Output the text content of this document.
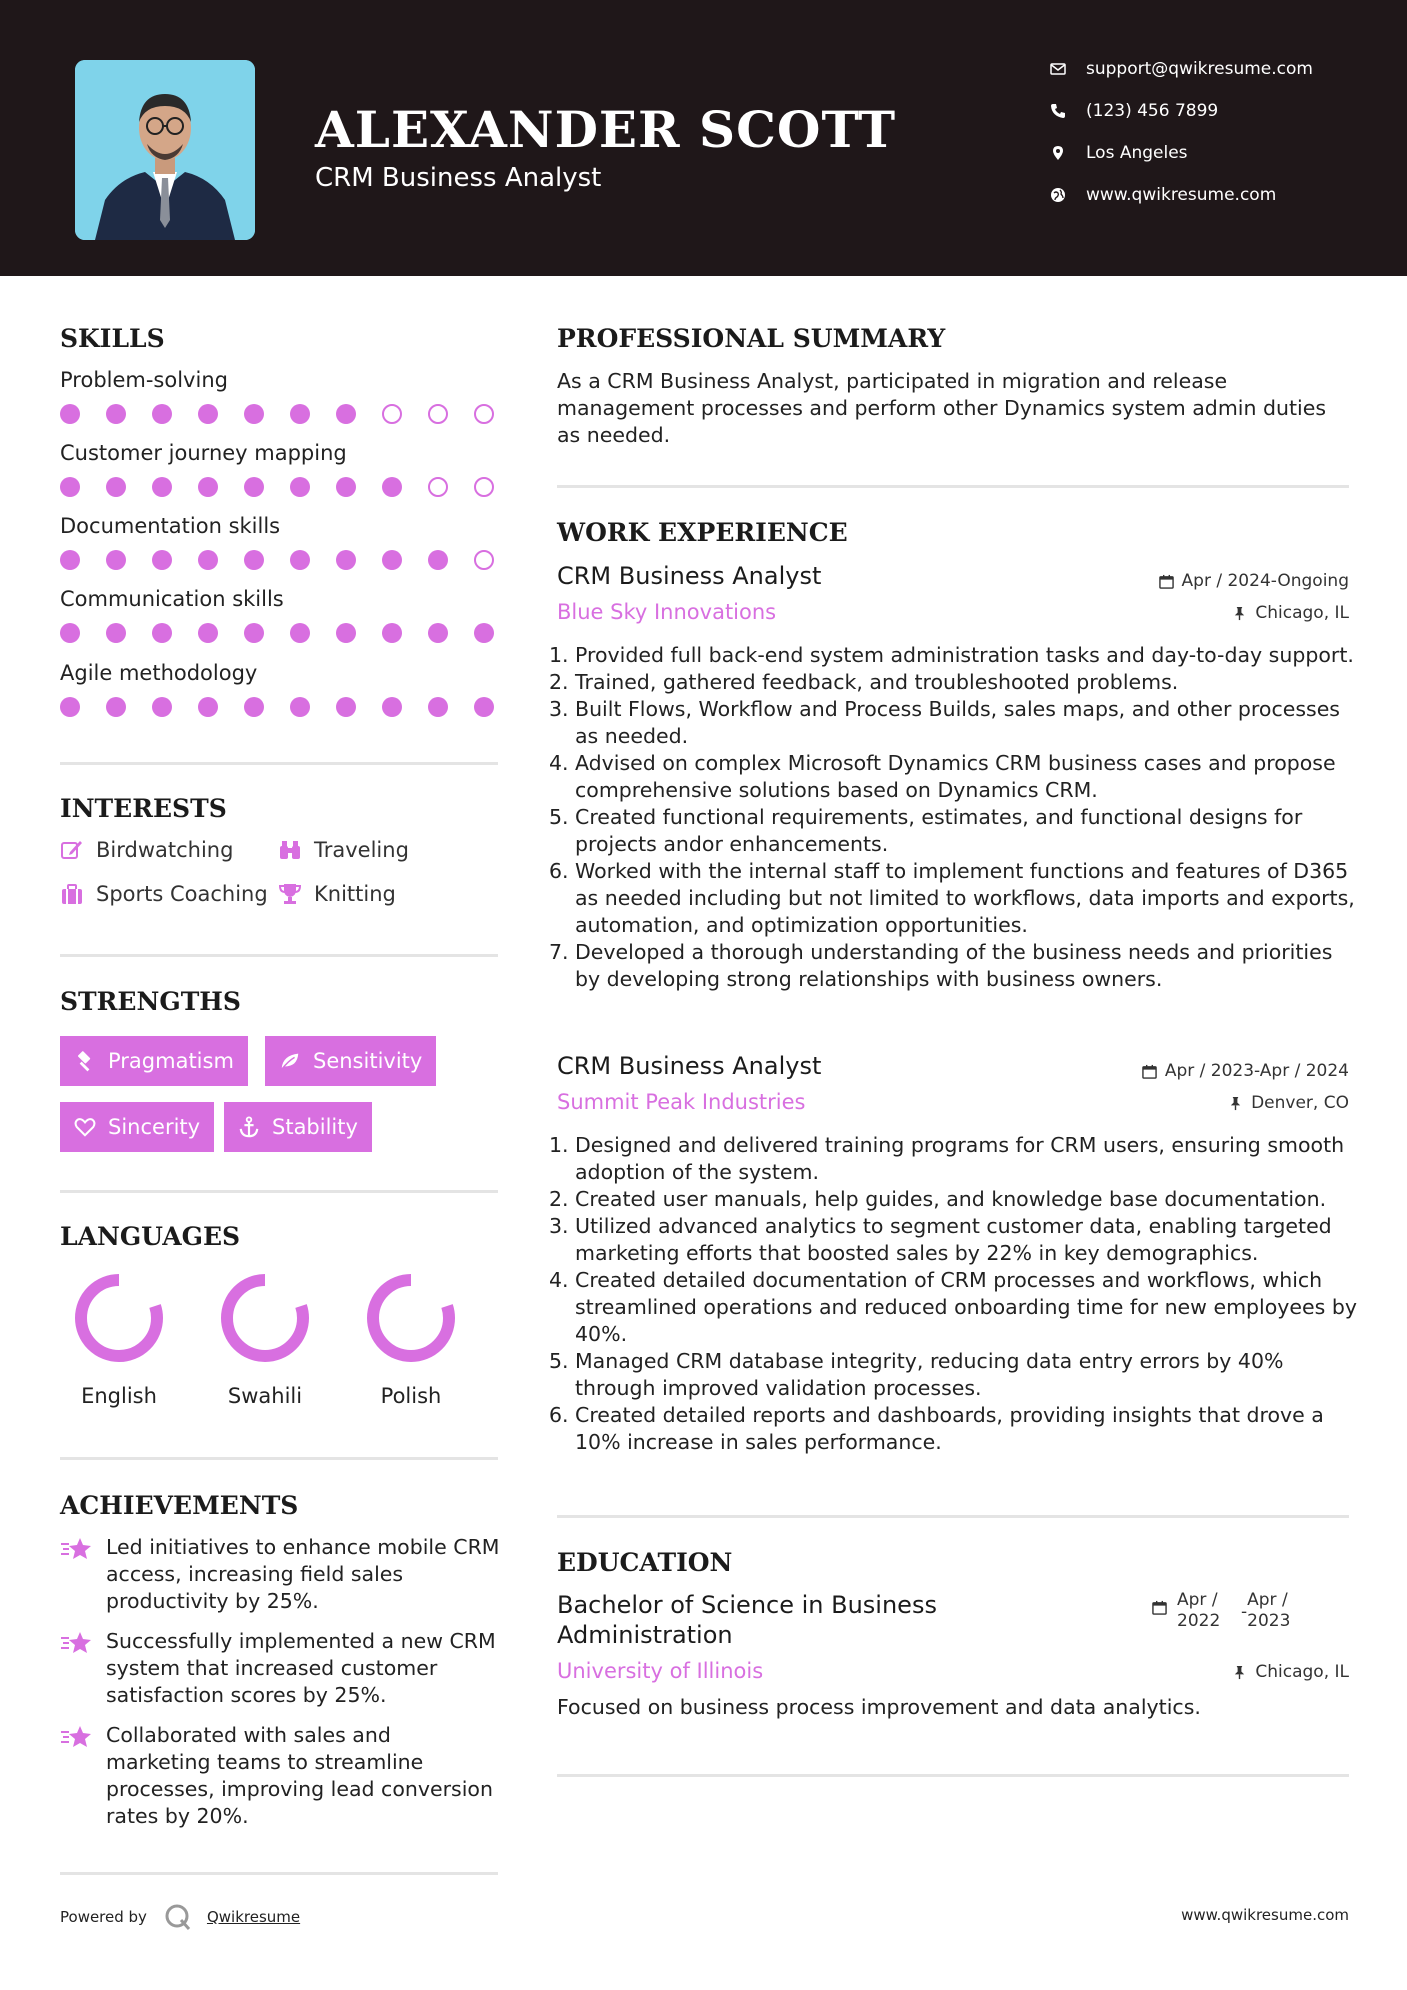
ALEXANDER SCOTT
CRM Business Analyst
support@qwikresume.com
(123) 456 7899
Los Angeles
www.qwikresume.com
SKILLS
Problem-solving
Customer journey mapping
Documentation skills
Communication skills
Agile methodology
INTERESTS
Birdwatching	Traveling
Sports Coaching Knitting
STRENGTHS
Pragmatism	Sensitivity
Sincerity	Stability
LANGUAGES
English	Swahili	Polish
ACHIEVEMENTS
Led initiatives to enhance mobile CRM access, increasing field sales productivity by 25%.
Successfully implemented a new CRM system that increased customer satisfaction scores by 25%.
Collaborated with sales and marketing teams to streamline processes, improving lead conversion rates by 20%.
Powered by	Qwikresume	www.qwikresume.com
PROFESSIONAL SUMMARY
As a CRM Business Analyst, participated in migration and release management processes and perform other Dynamics system admin duties as needed.
WORK EXPERIENCE
CRM Business Analyst	Apr / 2024-Ongoing
Blue Sky Innovations	Chicago, IL
Provided full back-end system administration tasks and day-to-day support.
Trained, gathered feedback, and troubleshooted problems.
Built Flows, Workflow and Process Builds, sales maps, and other processes as needed.
Advised on complex Microsoft Dynamics CRM business cases and propose comprehensive solutions based on Dynamics CRM.
Created functional requirements, estimates, and functional designs for projects andor enhancements.
Worked with the internal staff to implement functions and features of D365 as needed including but not limited to workflows, data imports and exports, automation, and optimization opportunities.
Developed a thorough understanding of the business needs and priorities by developing strong relationships with business owners.
CRM Business Analyst	Apr / 2023-Apr / 2024
Summit Peak Industries	Denver, CO
Designed and delivered training programs for CRM users, ensuring smooth adoption of the system.
Created user manuals, help guides, and knowledge base documentation.
Utilized advanced analytics to segment customer data, enabling targeted marketing efforts that boosted sales by 22% in key demographics.
Created detailed documentation of CRM processes and workflows, which streamlined operations and reduced onboarding time for new employees by 40%.
Managed CRM database integrity, reducing data entry errors by 40% through improved validation processes.
Created detailed reports and dashboards, providing insights that drove a 10% increase in sales performance.
EDUCATION
Bachelor of Science in Business Administration
Apr / 2022 -
Apr / 2023
University of Illinois	Chicago, IL
Focused on business process improvement and data analytics.
